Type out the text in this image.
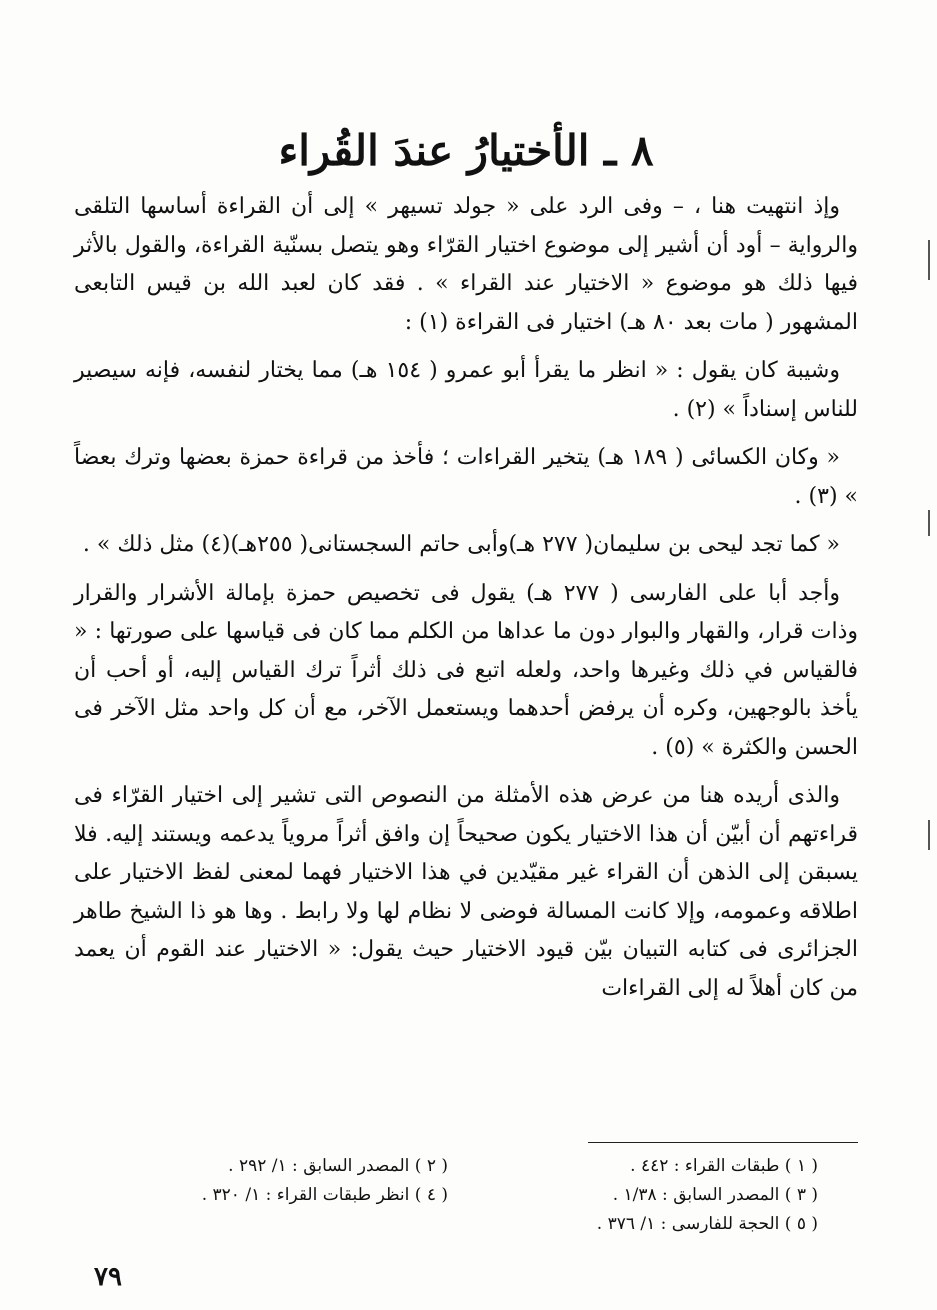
٨ ـ الأختيارُ عندَ القُراء

وإذ انتهيت هنا ، – وفى الرد على « جولد تسيهر » إلى أن القراءة أساسها التلقى والرواية – أود أن أشير إلى موضوع اختيار القرّاء وهو يتصل بسنّية القراءة، والقول بالأثر فيها ذلك هو موضوع « الاختيار عند القراء » . فقد كان لعبد الله بن قيس التابعى المشهور ( مات بعد ٨٠ هـ) اختيار فى القراءة (١) :

وشيبة كان يقول : « انظر ما يقرأ أبو عمرو ( ١٥٤ هـ) مما يختار لنفسه، فإنه سيصير للناس إسناداً » (٢) .

« وكان الكسائى ( ١٨٩ هـ) يتخير القراءات ؛ فأخذ من قراءة حمزة بعضها وترك بعضاً » (٣) .

« كما تجد ليحى بن سليمان( ٢٧٧ هـ)وأبى حاتم السجستانى( ٢٥٥هـ)(٤) مثل ذلك » .

وأجد أبا على الفارسى ( ٢٧٧ هـ) يقول فى تخصيص حمزة بإمالة الأشرار والقرار وذات قرار، والقهار والبوار دون ما عداها من الكلم مما كان فى قياسها على صورتها : « فالقياس في ذلك وغيرها واحد، ولعله اتبع فى ذلك أثراً ترك القياس إليه، أو أحب أن يأخذ بالوجهين، وكره أن يرفض أحدهما ويستعمل الآخر، مع أن كل واحد مثل الآخر فى الحسن والكثرة » (٥) .

والذى أريده هنا من عرض هذه الأمثلة من النصوص التى تشير إلى اختيار القرّاء فى قراءتهم أن أبيّن أن هذا الاختيار يكون صحيحاً إن وافق أثراً مروياً يدعمه ويستند إليه. فلا يسبقن إلى الذهن أن القراء غير مقيّدين في هذا الاختيار فهما لمعنى لفظ الاختيار على اطلاقه وعمومه، وإلا كانت المسالة فوضى لا نظام لها ولا رابط . وها هو ذا الشيخ طاهر الجزائرى فى كتابه التبيان بيّن قيود الاختيار حيث يقول: « الاختيار عند القوم أن يعمد من كان أهلاً له إلى القراءات

( ١ ) طبقات القراء : ٤٤٢ .

( ٣ ) المصدر السابق : ١/٣٨ .

( ٥ ) الحجة للفارسى : ١/ ٣٧٦ .

( ٢ ) المصدر السابق : ١/ ٢٩٢ .

( ٤ ) انظر طبقات القراء : ١/ ٣٢٠ .

٧٩
